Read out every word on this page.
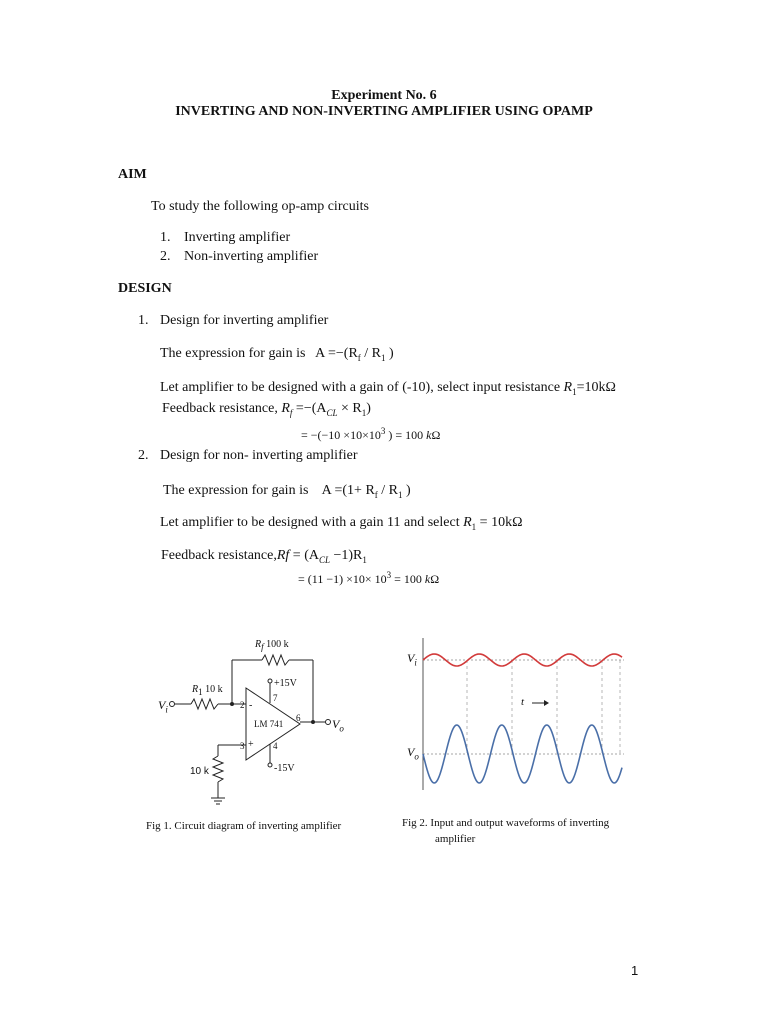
Experiment No. 6
INVERTING AND NON-INVERTING AMPLIFIER USING OPAMP
AIM
To study the following op-amp circuits
1. Inverting amplifier
2. Non-inverting amplifier
DESIGN
1. Design for inverting amplifier
The expression for gain is $A =-(R_f / R_1$ )
Let amplifier to be designed with a gain of (-10), select input resistance $R_1=10k\Omega$
Feedback resistance, $R_f =-(A_{CL} \times R_1)$
= $-(-10 \times 10\times 10^3$ ) = 100 kΩ
2. Design for non- inverting amplifier
The expression for gain is $A =(1+ R_f / R_1$ )
Let amplifier to be designed with a gain 11 and select $R_1 = 10k\Omega$
Feedback resistance,Rf = $(A_{CL} -1)R_1$
= $(11 -1) \times 10\times 10^3 = 100$ kΩ
$R_f$ 100 k
$R_1$ 10 k
$V_i$
$V_o$
+15V
-15V
LM 741
2
3	4
6
7
-
+
10 k
Fig 1. Circuit diagram of inverting amplifier
$V_i$
$V_o$
t
Fig 2. Input and output waveforms of inverting
amplifier
1
